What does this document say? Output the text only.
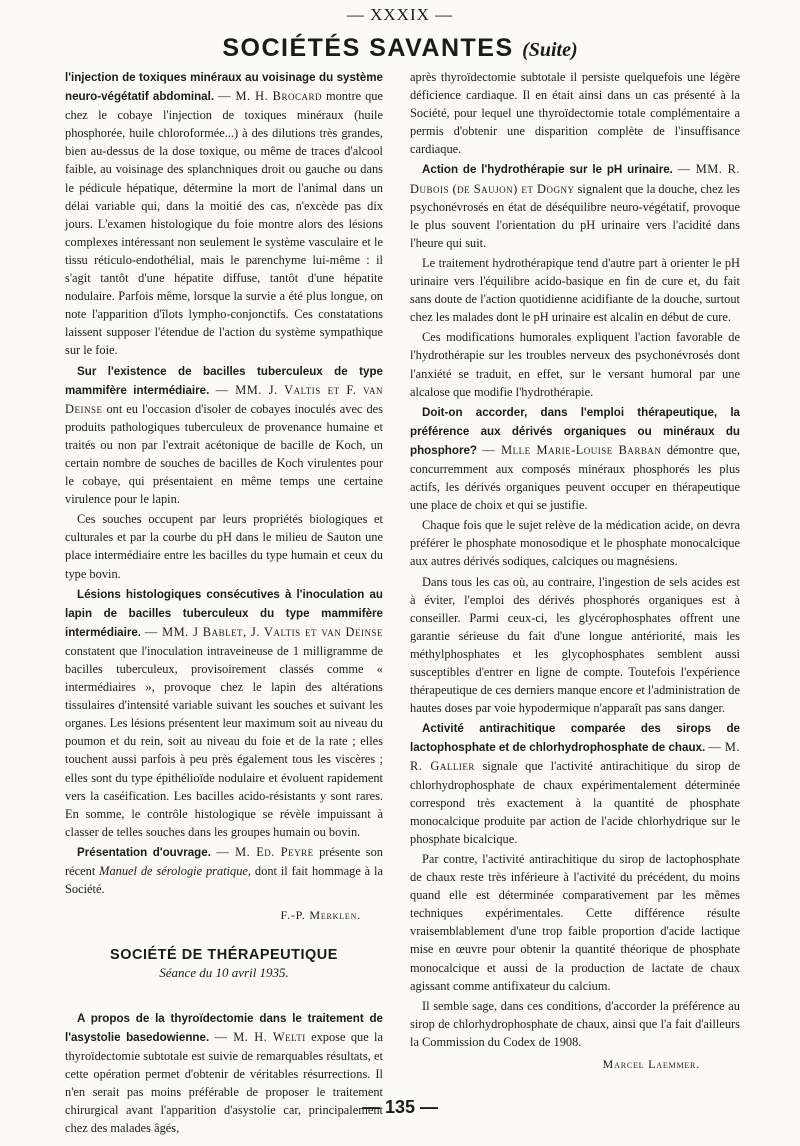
— XXXIX —
SOCIÉTÉS SAVANTES (Suite)

l'injection de toxiques minéraux au voisinage du système neuro-végétatif abdominal. — M. H. Brocard montre que chez le cobaye l'injection de toxiques minéraux (huile phosphorée, huile chloroformée...) à des dilutions très grandes, bien au-dessus de la dose toxique, ou même de traces d'alcool faible, au voisinage des splanchniques droit ou gauche ou dans le pédicule hépatique, détermine la mort de l'animal dans un délai variable qui, dans la moitié des cas, n'excède pas dix jours. L'examen histologique du foie montre alors des lésions complexes intéressant non seulement le système vasculaire et le tissu réticulo-endothélial, mais le parenchyme lui-même : il s'agit tantôt d'une hépatite diffuse, tantôt d'une hépatite nodulaire. Parfois même, lorsque la survie a été plus longue, on note l'apparition d'îlots lympho-conjonctifs. Ces constatations laissent supposer l'étendue de l'action du système sympathique sur le foie.

Sur l'existence de bacilles tuberculeux de type mammifère intermédiaire. — MM. J. Valtis et F. van Deinse ont eu l'occasion d'isoler de cobayes inoculés avec des produits pathologiques tuberculeux de provenance humaine et traités ou non par l'extrait acétonique de bacille de Koch, un certain nombre de souches de bacilles de Koch virulentes pour le cobaye, qui présentaient en même temps une certaine virulence pour le lapin.

Ces souches occupent par leurs propriétés biologiques et culturales et par la courbe du pH dans le milieu de Sauton une place intermédiaire entre les bacilles du type humain et ceux du type bovin.

Lésions histologiques consécutives à l'inoculation au lapin de bacilles tuberculeux du type mammifère intermédiaire. — MM. J Bablet, J. Valtis et van Deinse constatent que l'inoculation intraveineuse de 1 milligramme de bacilles tuberculeux, provisoirement classés comme « intermédiaires », provoque chez le lapin des altérations tissulaires d'intensité variable suivant les souches et suivant les organes. Les lésions présentent leur maximum soit au niveau du poumon et du rein, soit au niveau du foie et de la rate ; elles touchent aussi parfois à peu près également tous les viscères ; elles sont du type épithélioïde nodulaire et évoluent rapidement vers la caséification. Les bacilles acido-résistants y sont rares. En somme, le contrôle histologique se révèle impuissant à classer de telles souches dans les groupes humain ou bovin.

Présentation d'ouvrage. — M. Ed. Peyre présente son récent Manuel de sérologie pratique, dont il fait hommage à la Société.

F.-P. Merklen.
SOCIÉTÉ DE THÉRAPEUTIQUE
Séance du 10 avril 1935.

A propos de la thyroïdectomie dans le traitement de l'asystolie basedowienne. — M. H. Welti expose que la thyroïdectomie subtotale est suivie de remarquables résultats, et cette opération permet d'obtenir de véritables résurrections. Il n'en serait pas moins préférable de proposer le traitement chirurgical avant l'apparition d'asystolie car, principalement chez des malades âgés,

après thyroïdectomie subtotale il persiste quelquefois une légère déficience cardiaque. Il en était ainsi dans un cas présenté à la Société, pour lequel une thyroïdectomie totale complémentaire a permis d'obtenir une disparition complète de l'insuffisance cardiaque.

Action de l'hydrothérapie sur le pH urinaire. — MM. R. Dubois (de Saujon) et Dogny signalent que la douche, chez les psychonévrosés en état de déséquilibre neuro-végétatif, provoque le plus souvent l'orientation du pH urinaire vers l'acidité dans l'heure qui suit.

Le traitement hydrothérapique tend d'autre part à orienter le pH urinaire vers l'équilibre acido-basique en fin de cure et, du fait sans doute de l'action quotidienne acidifiante de la douche, surtout chez les malades dont le pH urinaire est alcalin en début de cure.

Ces modifications humorales expliquent l'action favorable de l'hydrothérapie sur les troubles nerveux des psychonévrosés dont l'anxiété se traduit, en effet, sur le versant humoral par une alcalose que modifie l'hydrothérapie.

Doit-on accorder, dans l'emploi thérapeutique, la préférence aux dérivés organiques ou minéraux du phosphore? — Mlle Marie-Louise Barban démontre que, concurremment aux composés minéraux phosphorés les plus actifs, les dérivés organiques peuvent occuper en thérapeutique une place de choix et qui se justifie.

Chaque fois que le sujet relève de la médication acide, on devra préférer le phosphate monosodique et le phosphate monocalcique aux autres dérivés sodiques, calciques ou magnésiens.

Dans tous les cas où, au contraire, l'ingestion de sels acides est à éviter, l'emploi des dérivés phosphorés organiques est à conseiller. Parmi ceux-ci, les glycérophosphates offrent une garantie sérieuse du fait d'une longue antériorité, mais les méthylphosphates et les glycophosphates semblent aussi susceptibles d'entrer en ligne de compte. Toutefois l'expérience thérapeutique de ces derniers manque encore et l'administration de hautes doses par voie hypodermique n'apparaît pas sans danger.

Activité antirachitique comparée des sirops de lactophosphate et de chlorhydrophosphate de chaux. — M. R. Gallier signale que l'activité antirachitique du sirop de chlorhydrophosphate de chaux expérimentalement déterminée correspond très exactement à la quantité de phosphate monocalcique produite par action de l'acide chlorhydrique sur le phosphate bicalcique.

Par contre, l'activité antirachitique du sirop de lactophosphate de chaux reste très inférieure à l'activité du précédent, du moins quand elle est déterminée comparativement par les mêmes techniques expérimentales. Cette différence résulte vraisemblablement d'une trop faible proportion d'acide lactique mise en œuvre pour obtenir la quantité théorique de phosphate monocalcique et aussi de la production de lactate de chaux agissant comme antifixateur du calcium.

Il semble sage, dans ces conditions, d'accorder la préférence au sirop de chlorhydrophosphate de chaux, ainsi que l'a fait d'ailleurs la Commission du Codex de 1908.

Marcel Laemmer.
— 135 —
